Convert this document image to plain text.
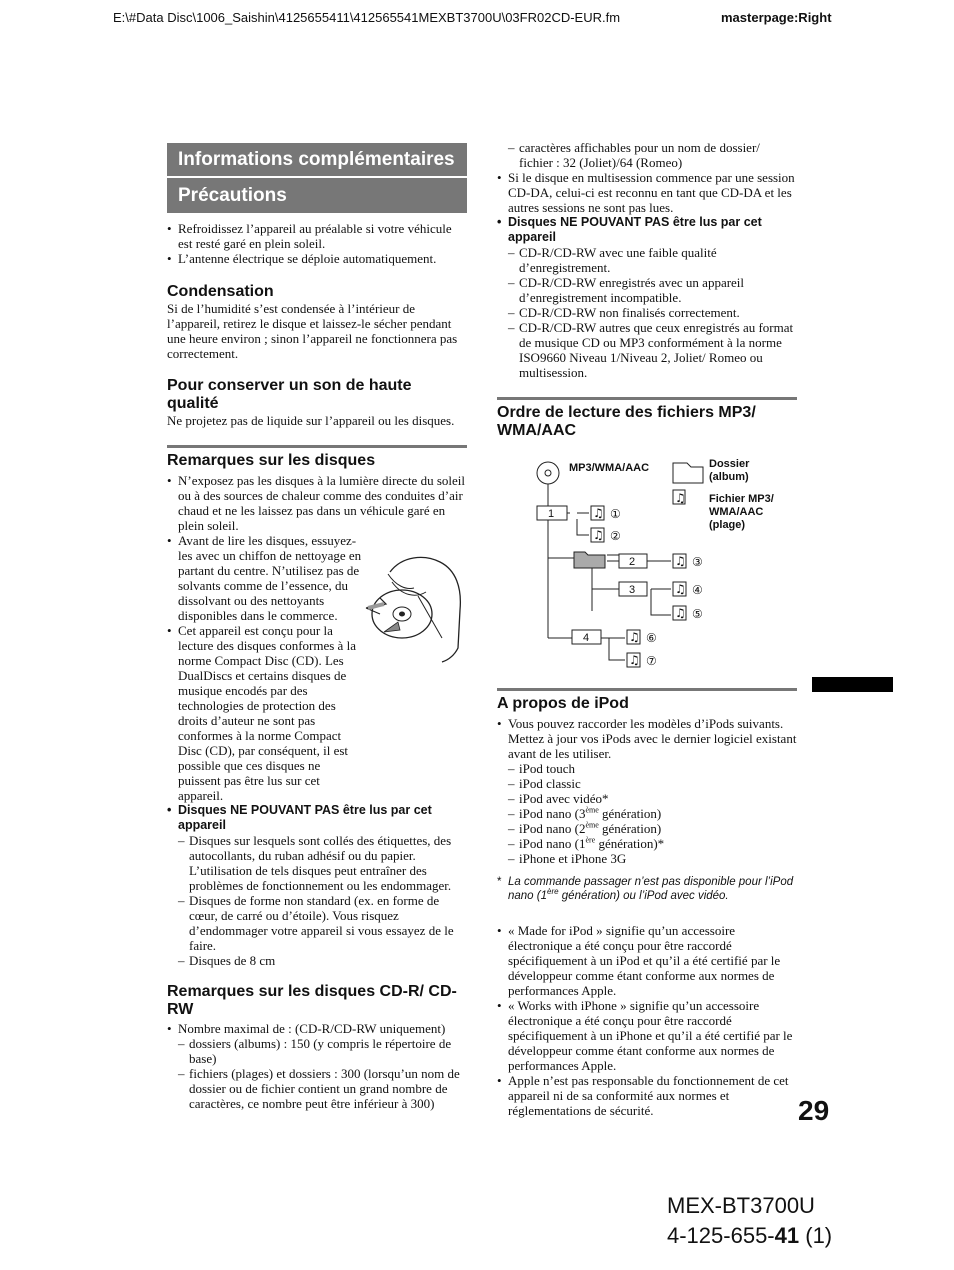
E:\#Data Disc\1006_Saishin\4125655411\412565541MEXBT3700U\03FR02CD-EUR.fm	masterpage:Right
Informations complémentaires
Précautions
• Refroidissez l’appareil au préalable si votre véhicule est resté garé en plein soleil.
• L’antenne électrique se déploie automatiquement.
Condensation
Si de l’humidité s’est condensée à l’intérieur de l’appareil, retirez le disque et laissez-le sécher pendant une heure environ ; sinon l’appareil ne fonctionnera pas correctement.
Pour conserver un son de haute qualité
Ne projetez pas de liquide sur l’appareil ou les disques.
Remarques sur les disques
• N’exposez pas les disques à la lumière directe du soleil ou à des sources de chaleur comme des conduites d’air chaud et ne les laissez pas dans un véhicule garé en plein soleil.
• Avant de lire les disques, essuyez-les avec un chiffon de nettoyage en partant du centre. N’utilisez pas de solvants comme de l’essence, du dissolvant ou des nettoyants disponibles dans le commerce.
• Cet appareil est conçu pour la lecture des disques conformes à la norme Compact Disc (CD). Les DualDiscs et certains disques de musique encodés par des technologies de protection des droits d’auteur ne sont pas conformes à la norme Compact Disc (CD), par conséquent, il est possible que ces disques ne puissent pas être lus sur cet appareil.
• Disques NE POUVANT PAS être lus par cet appareil
– Disques sur lesquels sont collés des étiquettes, des autocollants, du ruban adhésif ou du papier. L’utilisation de tels disques peut entraîner des problèmes de fonctionnement ou les endommager.
– Disques de forme non standard (ex. en forme de cœur, de carré ou d’étoile). Vous risquez d’endommager votre appareil si vous essayez de le faire.
– Disques de 8 cm
Remarques sur les disques CD-R/ CD-RW
• Nombre maximal de : (CD-R/CD-RW uniquement)
– dossiers (albums) : 150 (y compris le répertoire de base)
– fichiers (plages) et dossiers : 300 (lorsqu’un nom de dossier ou de fichier contient un grand nombre de caractères, ce nombre peut être inférieur à 300)
– caractères affichables pour un nom de dossier/ fichier : 32 (Joliet)/64 (Romeo)
• Si le disque en multisession commence par une session CD-DA, celui-ci est reconnu en tant que CD-DA et les autres sessions ne sont pas lues.
• Disques NE POUVANT PAS être lus par cet appareil
– CD-R/CD-RW avec une faible qualité d’enregistrement.
– CD-R/CD-RW enregistrés avec un appareil d’enregistrement incompatible.
– CD-R/CD-RW non finalisés correctement.
– CD-R/CD-RW autres que ceux enregistrés au format de musique CD ou MP3 conformément à la norme ISO9660 Niveau 1/Niveau 2, Joliet/ Romeo ou multisession.
Ordre de lecture des fichiers MP3/ WMA/AAC
1
2
3
4
♫
♫ ①
♫ ②
♫ ③
♫ ④
♫ ⑤
♫ ⑥
♫ ⑦
MP3/WMA/AAC	Dossier (album)
Fichier MP3/ WMA/AAC (plage)
A propos de iPod
• Vous pouvez raccorder les modèles d’iPods suivants.
Mettez à jour vos iPods avec le dernier logiciel existant avant de les utiliser.
– iPod touch
– iPod classic
– iPod avec vidéo*
– iPod nano (3ème génération)
– iPod nano (2ème génération)
– iPod nano (1ère génération)*
– iPhone et iPhone 3G
* La commande passager n’est pas disponible pour l’iPod nano (1ère génération) ou l’iPod avec vidéo.
• « Made for iPod » signifie qu’un accessoire électronique a été conçu pour être raccordé spécifiquement à un iPod et qu’il a été certifié par le développeur comme étant conforme aux normes de performances Apple.
• « Works with iPhone » signifie qu’un accessoire électronique a été conçu pour être raccordé spécifiquement à un iPhone et qu’il a été certifié par le développeur comme étant conforme aux normes de performances Apple.
• Apple n’est pas responsable du fonctionnement de cet appareil ni de sa conformité aux normes et réglementations de sécurité.	29
MEX-BT3700U
4-125-655-41 (1)
